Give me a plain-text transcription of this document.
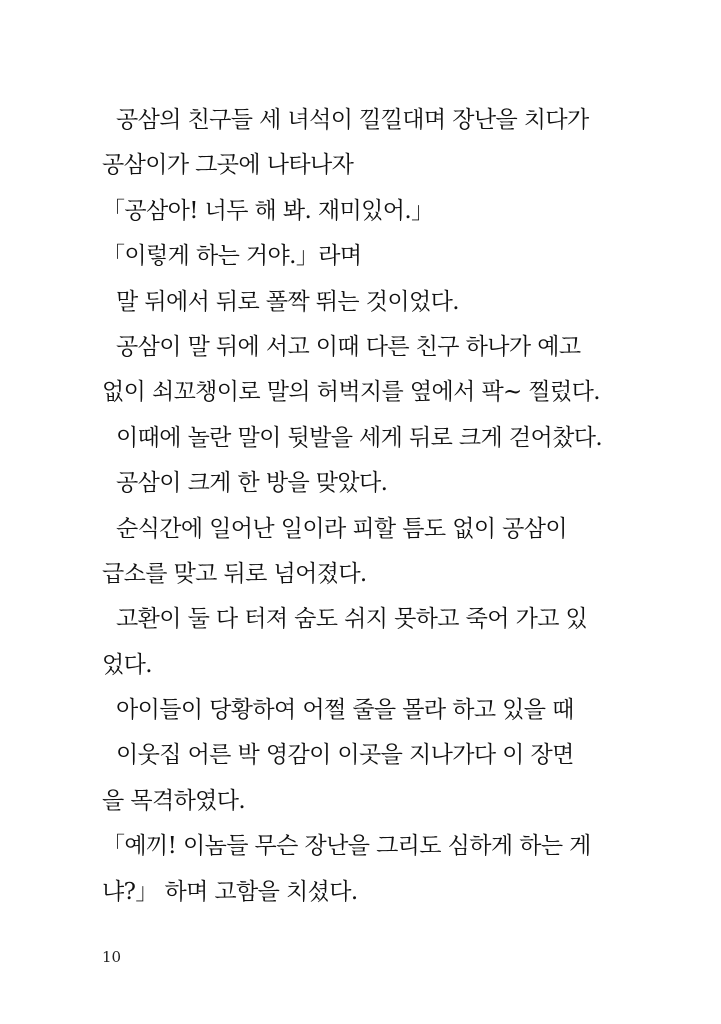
공삼의 친구들 세 녀석이 낄낄대며 장난을 치다가
공삼이가 그곳에 나타나자
「공삼아! 너두 해 봐. 재미있어.」
「이렇게 하는 거야.」라며
말 뒤에서 뒤로 폴짝 뛰는 것이었다.
공삼이 말 뒤에 서고 이때 다른 친구 하나가 예고
없이 쇠꼬챙이로 말의 허벅지를 옆에서 팍~ 찔렀다.
이때에 놀란 말이 뒷발을 세게 뒤로 크게 걷어찼다.
공삼이 크게 한 방을 맞았다.
순식간에 일어난 일이라 피할 틈도 없이 공삼이
급소를 맞고 뒤로 넘어졌다.
고환이 둘 다 터져 숨도 쉬지 못하고 죽어 가고 있
었다.
아이들이 당황하여 어쩔 줄을 몰라 하고 있을 때
이웃집 어른 박 영감이 이곳을 지나가다 이 장면
을 목격하였다.
「예끼! 이놈들 무슨 장난을 그리도 심하게 하는 게
냐?」 하며 고함을 치셨다.
10
